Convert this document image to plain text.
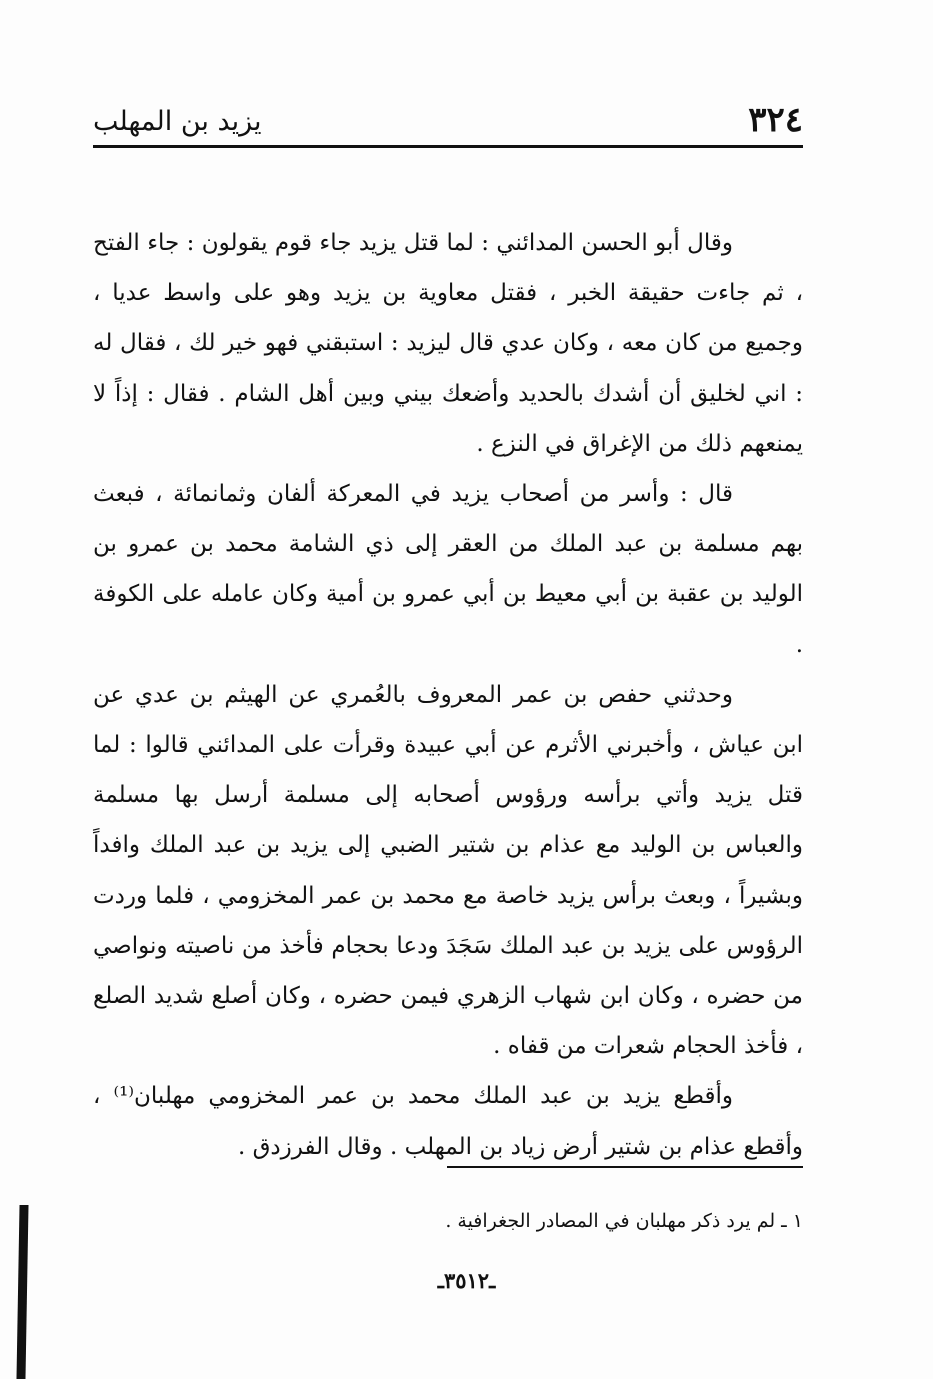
٣٢٤
يزيد بن المهلب

وقال أبو الحسن المدائني : لما قتل يزيد جاء قوم يقولون : جاء الفتح ، ثم جاءت حقيقة الخبر ، فقتل معاوية بن يزيد وهو على واسط عديا ، وجميع من كان معه ، وكان عدي قال ليزيد : استبقني فهو خير لك ، فقال له : اني لخليق أن أشدك بالحديد وأضعك بيني وبين أهل الشام . فقال : إذاً لا يمنعهم ذلك من الإغراق في النزع .

قال : وأسر من أصحاب يزيد في المعركة ألفان وثمانمائة ، فبعث بهم مسلمة بن عبد الملك من العقر إلى ذي الشامة محمد بن عمرو بن الوليد بن عقبة بن أبي معيط بن أبي عمرو بن أمية وكان عامله على الكوفة .

وحدثني حفص بن عمر المعروف بالعُمري عن الهيثم بن عدي عن ابن عياش ، وأخبرني الأثرم عن أبي عبيدة وقرأت على المدائني قالوا : لما قتل يزيد وأتي برأسه ورؤوس أصحابه إلى مسلمة أرسل بها مسلمة والعباس بن الوليد مع عذام بن شتير الضبي إلى يزيد بن عبد الملك وافداً وبشيراً ، وبعث برأس يزيد خاصة مع محمد بن عمر المخزومي ، فلما وردت الرؤوس على يزيد بن عبد الملك سَجَدَ ودعا بحجام فأخذ من ناصيته ونواصي من حضره ، وكان ابن شهاب الزهري فيمن حضره ، وكان أصلع شديد الصلع ، فأخذ الحجام شعرات من قفاه .

وأقطع يزيد بن عبد الملك محمد بن عمر المخزومي مهلبان⁽¹⁾ ، وأقطع عذام بن شتير أرض زياد بن المهلب . وقال الفرزدق .

١ ـ لم يرد ذكر مهلبان في المصادر الجغرافية .
ـ٣٥١٢ـ
